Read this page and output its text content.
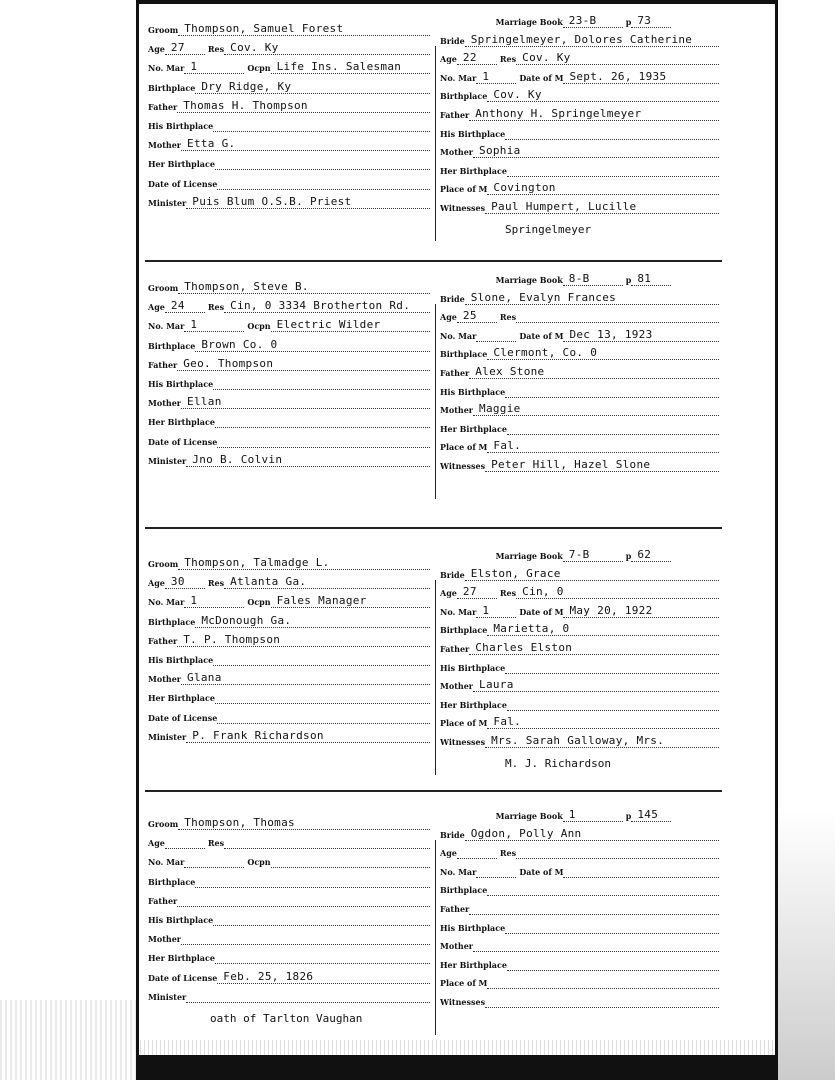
Groom Thompson, Samuel Forest
Age 27	Res Cov. Ky
No. Mar 1	Ocpn Life Ins. Salesman
Birthplace Dry Ridge, Ky
Father Thomas H. Thompson
His Birthplace
Mother Etta G.
Her Birthplace
Date of License
Minister Puis Blum O.S.B. Priest
Marriage Book 23-B	p 73
Bride Springelmeyer, Dolores Catherine
Age 22	Res Cov. Ky
No. Mar 1	Date of M Sept. 26, 1935
Birthplace Cov. Ky
Father Anthony H. Springelmeyer
His Birthplace
Mother Sophia
Her Birthplace
Place of M Covington
Witnesses Paul Humpert, Lucille
Springelmeyer
Groom Thompson, Steve B.
Age 24	Res Cin, 0 3334 Brotherton Rd.
No. Mar 1	Ocpn Electric Wilder
Birthplace Brown Co. 0
Father Geo. Thompson
His Birthplace
Mother Ellan
Her Birthplace
Date of License
Minister Jno B. Colvin
Marriage Book 8-B	p 81
Bride Slone, Evalyn Frances
Age 25	Res
No. Mar	Date of M Dec 13, 1923
Birthplace Clermont, Co. 0
Father Alex Stone
His Birthplace
Mother Maggie
Her Birthplace
Place of M Fal.
Witnesses Peter Hill, Hazel Slone
Groom Thompson, Talmadge L.
Age 30	Res Atlanta Ga.
No. Mar 1	Ocpn Fales Manager
Birthplace McDonough Ga.
Father T. P. Thompson
His Birthplace
Mother Glana
Her Birthplace
Date of License
Minister P. Frank Richardson
Marriage Book 7-B	p 62
Bride Elston, Grace
Age 27	Res Cin, 0
No. Mar 1	Date of M May 20, 1922
Birthplace Marietta, 0
Father Charles Elston
His Birthplace
Mother Laura
Her Birthplace
Place of M Fal.
Witnesses Mrs. Sarah Galloway, Mrs.
M. J. Richardson
Groom Thompson, Thomas
Age	Res
No. Mar	Ocpn
Birthplace
Father
His Birthplace
Mother
Her Birthplace
Date of License Feb. 25, 1826
Minister
oath of Tarlton Vaughan
Marriage Book 1	p 145
Bride Ogdon, Polly Ann
Age	Res
No. Mar	Date of M
Birthplace
Father
His Birthplace
Mother
Her Birthplace
Place of M
Witnesses
